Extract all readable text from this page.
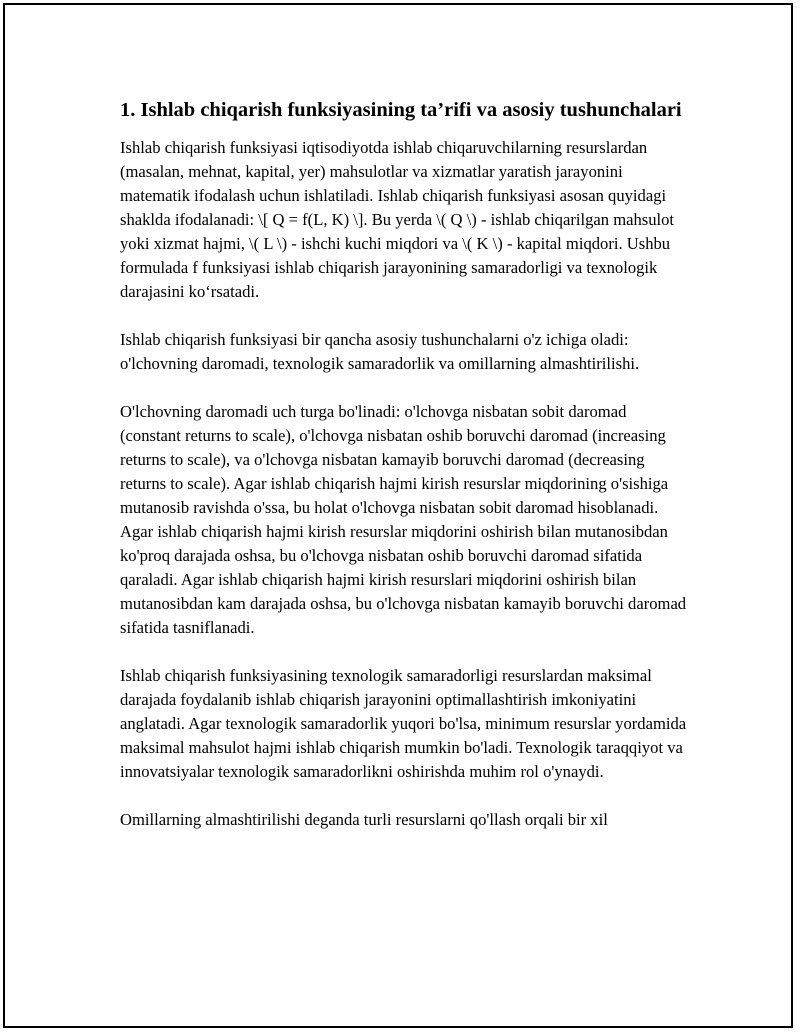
1. Ishlab chiqarish funksiyasining ta’rifi va asosiy tushunchalari

Ishlab chiqarish funksiyasi iqtisodiyotda ishlab chiqaruvchilarning resurslardan (masalan, mehnat, kapital, yer) mahsulotlar va xizmatlar yaratish jarayonini matematik ifodalash uchun ishlatiladi. Ishlab chiqarish funksiyasi asosan quyidagi shaklda ifodalanadi: \[ Q = f(L, K) \]. Bu yerda \( Q \) - ishlab chiqarilgan mahsulot yoki xizmat hajmi, \( L \) - ishchi kuchi miqdori va \( K \) - kapital miqdori. Ushbu formulada f funksiyasi ishlab chiqarish jarayonining samaradorligi va texnologik darajasini ko‘rsatadi.

Ishlab chiqarish funksiyasi bir qancha asosiy tushunchalarni o'z ichiga oladi: o'lchovning daromadi, texnologik samaradorlik va omillarning almashtirilishi.

O'lchovning daromadi uch turga bo'linadi: o'lchovga nisbatan sobit daromad (constant returns to scale), o'lchovga nisbatan oshib boruvchi daromad (increasing returns to scale), va o'lchovga nisbatan kamayib boruvchi daromad (decreasing returns to scale). Agar ishlab chiqarish hajmi kirish resurslar miqdorining o'sishiga mutanosib ravishda o'ssa, bu holat o'lchovga nisbatan sobit daromad hisoblanadi. Agar ishlab chiqarish hajmi kirish resurslar miqdorini oshirish bilan mutanosibdan ko'proq darajada oshsa, bu o'lchovga nisbatan oshib boruvchi daromad sifatida qaraladi. Agar ishlab chiqarish hajmi kirish resurslari miqdorini oshirish bilan mutanosibdan kam darajada oshsa, bu o'lchovga nisbatan kamayib boruvchi daromad sifatida tasniflanadi.

Ishlab chiqarish funksiyasining texnologik samaradorligi resurslardan maksimal darajada foydalanib ishlab chiqarish jarayonini optimallashtirish imkoniyatini anglatadi. Agar texnologik samaradorlik yuqori bo'lsa, minimum resurslar yordamida maksimal mahsulot hajmi ishlab chiqarish mumkin bo'ladi. Texnologik taraqqiyot va innovatsiyalar texnologik samaradorlikni oshirishda muhim rol o'ynaydi.

Omillarning almashtirilishi deganda turli resurslarni qo'llash orqali bir xil
